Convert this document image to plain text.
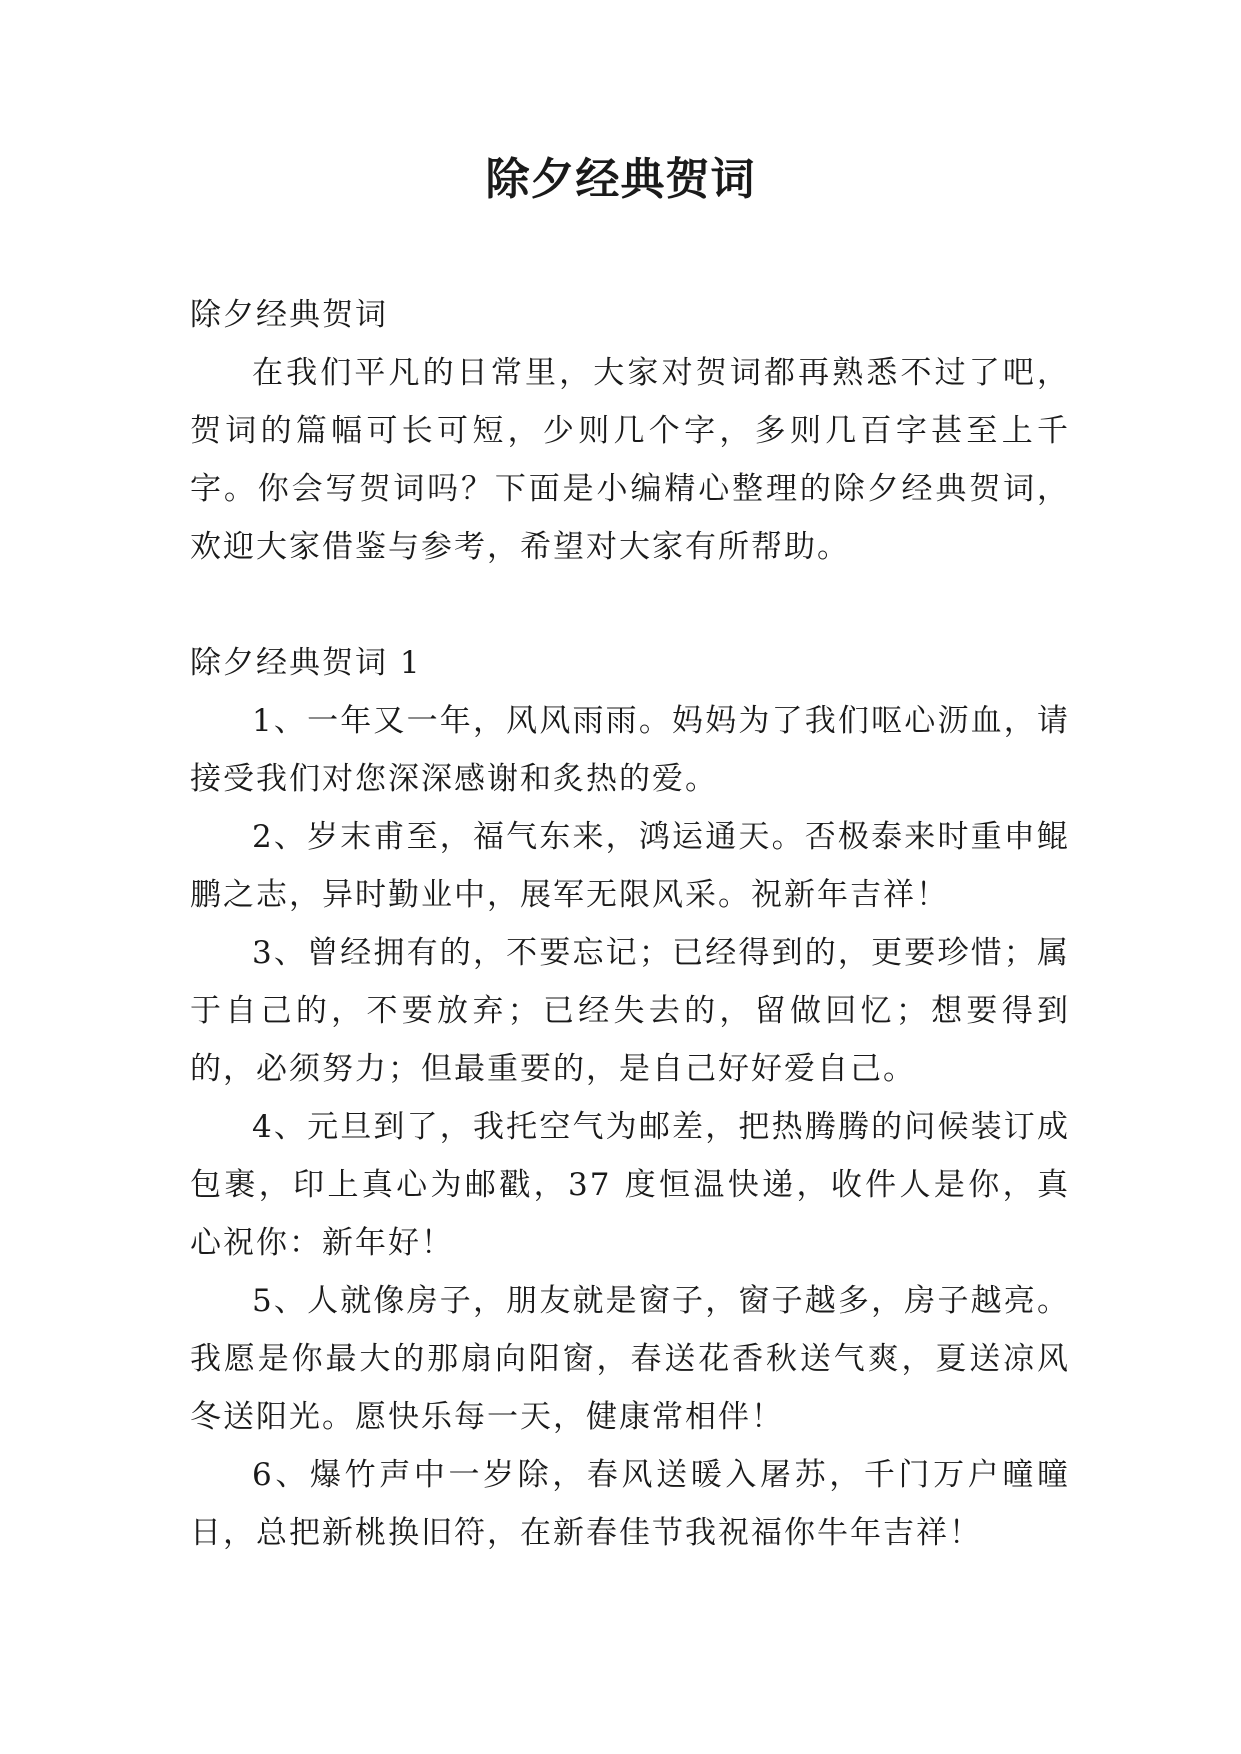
除夕经典贺词

除夕经典贺词

在我们平凡的日常里，大家对贺词都再熟悉不过了吧，贺词的篇幅可长可短，少则几个字，多则几百字甚至上千字。你会写贺词吗？下面是小编精心整理的除夕经典贺词，欢迎大家借鉴与参考，希望对大家有所帮助。

除夕经典贺词 1

1、一年又一年，风风雨雨。妈妈为了我们呕心沥血，请接受我们对您深深感谢和炙热的爱。

2、岁末甫至，福气东来，鸿运通天。否极泰来时重申鲲鹏之志，异时勤业中，展军无限风采。祝新年吉祥！

3、曾经拥有的，不要忘记；已经得到的，更要珍惜；属于自己的，不要放弃；已经失去的，留做回忆；想要得到的，必须努力；但最重要的，是自己好好爱自己。

4、元旦到了，我托空气为邮差，把热腾腾的问候装订成包裹，印上真心为邮戳，37 度恒温快递，收件人是你，真心祝你：新年好！

5、人就像房子，朋友就是窗子，窗子越多，房子越亮。我愿是你最大的那扇向阳窗，春送花香秋送气爽，夏送凉风冬送阳光。愿快乐每一天，健康常相伴！

6、爆竹声中一岁除，春风送暖入屠苏，千门万户曈曈日，总把新桃换旧符，在新春佳节我祝福你牛年吉祥！
